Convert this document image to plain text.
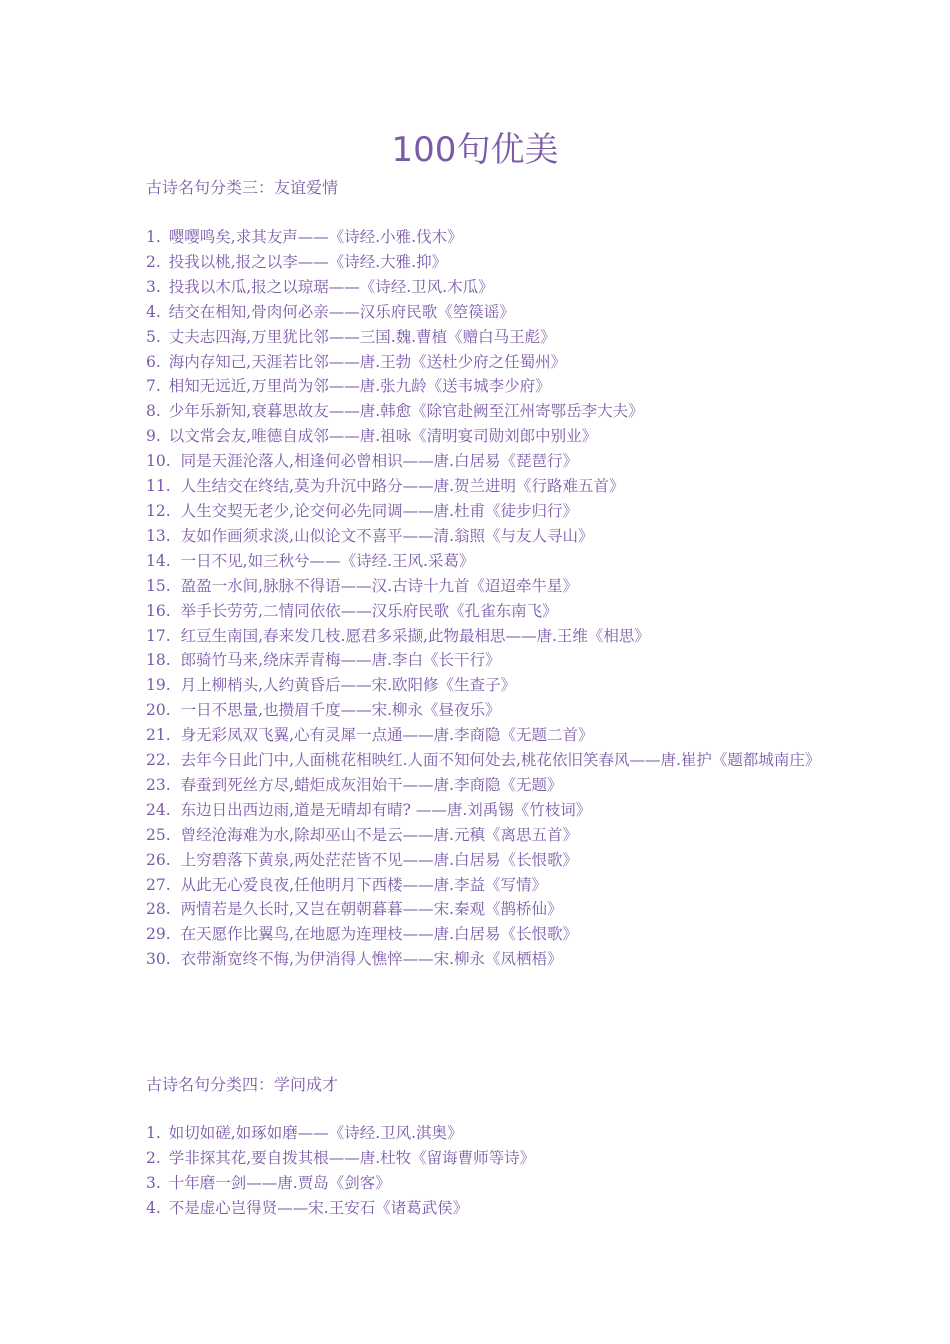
100句优美
古诗名句分类三：友谊爱情
1. 嘤嘤鸣矣,求其友声——《诗经.小雅.伐木》
2. 投我以桃,报之以李——《诗经.大雅.抑》
3. 投我以木瓜,报之以琼琚——《诗经.卫风.木瓜》
4. 结交在相知,骨肉何必亲——汉乐府民歌《箜篌谣》
5. 丈夫志四海,万里犹比邻——三国.魏.曹植《赠白马王彪》
6. 海内存知己,天涯若比邻——唐.王勃《送杜少府之任蜀州》
7. 相知无远近,万里尚为邻——唐.张九龄《送韦城李少府》
8. 少年乐新知,衰暮思故友——唐.韩愈《除官赴阙至江州寄鄂岳李大夫》
9. 以文常会友,唯德自成邻——唐.祖咏《清明宴司勋刘郎中别业》
10. 同是天涯沦落人,相逢何必曾相识——唐.白居易《琵琶行》
11. 人生结交在终结,莫为升沉中路分——唐.贺兰进明《行路难五首》
12. 人生交契无老少,论交何必先同调——唐.杜甫《徒步归行》
13. 友如作画须求淡,山似论文不喜平——清.翁照《与友人寻山》
14. 一日不见,如三秋兮——《诗经.王风.采葛》
15. 盈盈一水间,脉脉不得语——汉.古诗十九首《迢迢牵牛星》
16. 举手长劳劳,二情同依依——汉乐府民歌《孔雀东南飞》
17. 红豆生南国,春来发几枝.愿君多采撷,此物最相思——唐.王维《相思》
18. 郎骑竹马来,绕床弄青梅——唐.李白《长干行》
19. 月上柳梢头,人约黄昏后——宋.欧阳修《生查子》
20. 一日不思量,也攒眉千度——宋.柳永《昼夜乐》
21. 身无彩凤双飞翼,心有灵犀一点通——唐.李商隐《无题二首》
22. 去年今日此门中,人面桃花相映红.人面不知何处去,桃花依旧笑春风——唐.崔护《题都城南庄》
23. 春蚕到死丝方尽,蜡炬成灰泪始干——唐.李商隐《无题》
24. 东边日出西边雨,道是无晴却有晴? ——唐.刘禹锡《竹枝词》
25. 曾经沧海难为水,除却巫山不是云——唐.元稹《离思五首》
26. 上穷碧落下黄泉,两处茫茫皆不见——唐.白居易《长恨歌》
27. 从此无心爱良夜,任他明月下西楼——唐.李益《写情》
28. 两情若是久长时,又岂在朝朝暮暮——宋.秦观《鹊桥仙》
29. 在天愿作比翼鸟,在地愿为连理枝——唐.白居易《长恨歌》
30. 衣带渐宽终不悔,为伊消得人憔悴——宋.柳永《凤栖梧》
古诗名句分类四：学问成才
1. 如切如磋,如琢如磨——《诗经.卫风.淇奥》
2. 学非探其花,要自拨其根——唐.杜牧《留诲曹师等诗》
3. 十年磨一剑——唐.贾岛《剑客》
4. 不是虚心岂得贤——宋.王安石《诸葛武侯》
